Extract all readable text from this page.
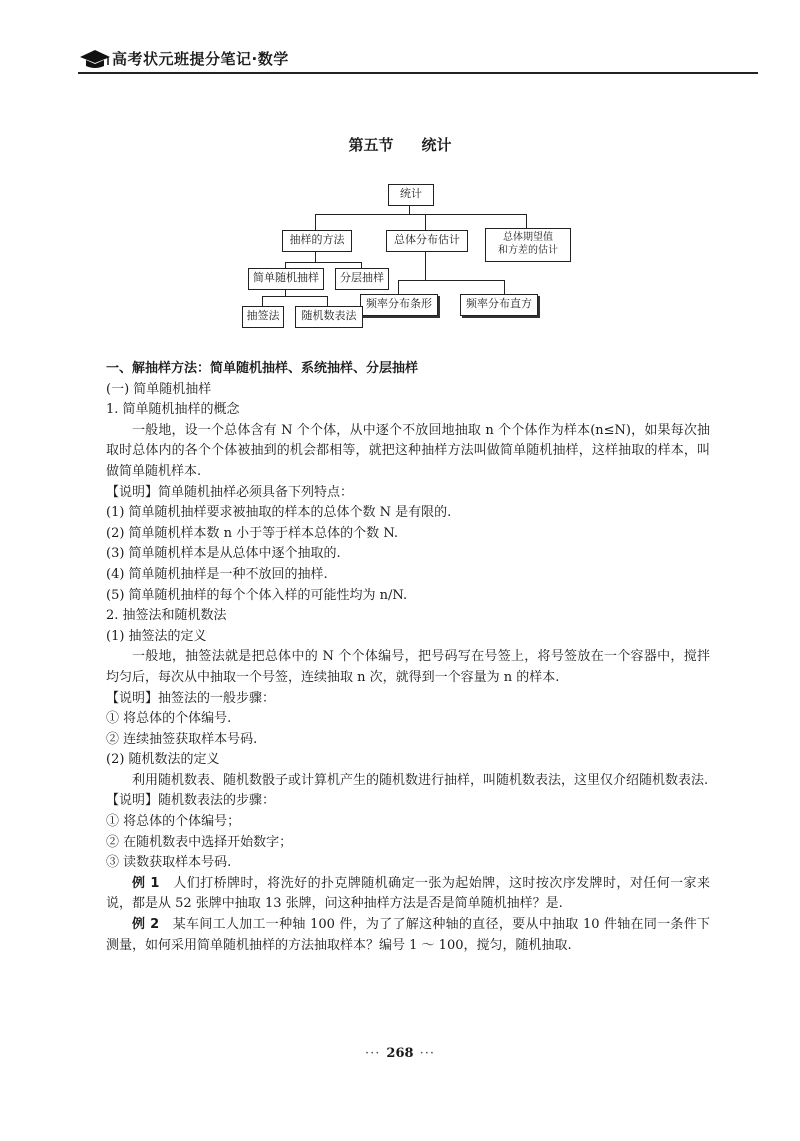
高考状元班提分笔记·数学
第五节 统计
统计
抽样的方法	总体分布估计	总体期望值
和方差的估计
简单随机抽样	分层抽样
频率分布条形	频率分布直方
抽签法	随机数表法

一、解抽样方法：简单随机抽样、系统抽样、分层抽样

(一) 简单随机抽样

1. 简单随机抽样的概念

一般地，设一个总体含有 N 个个体，从中逐个不放回地抽取 n 个个体作为样本(n≤N)，如果每次抽取时总体内的各个个体被抽到的机会都相等，就把这种抽样方法叫做简单随机抽样，这样抽取的样本，叫做简单随机样本.

【说明】简单随机抽样必须具备下列特点：

(1) 简单随机抽样要求被抽取的样本的总体个数 N 是有限的.

(2) 简单随机样本数 n 小于等于样本总体的个数 N.

(3) 简单随机样本是从总体中逐个抽取的.

(4) 简单随机抽样是一种不放回的抽样.

(5) 简单随机抽样的每个个体入样的可能性均为 n/N.

2. 抽签法和随机数法

(1) 抽签法的定义

一般地，抽签法就是把总体中的 N 个个体编号，把号码写在号签上，将号签放在一个容器中，搅拌均匀后，每次从中抽取一个号签，连续抽取 n 次，就得到一个容量为 n 的样本.

【说明】抽签法的一般步骤：

① 将总体的个体编号.

② 连续抽签获取样本号码.

(2) 随机数法的定义

利用随机数表、随机数骰子或计算机产生的随机数进行抽样，叫随机数表法，这里仅介绍随机数表法.

【说明】随机数表法的步骤：

① 将总体的个体编号；

② 在随机数表中选择开始数字；

③ 读数获取样本号码.

例 1　 人们打桥牌时，将洗好的扑克牌随机确定一张为起始牌，这时按次序发牌时，对任何一家来说，都是从 52 张牌中抽取 13 张牌，问这种抽样方法是否是简单随机抽样？是.

例 2　 某车间工人加工一种轴 100 件，为了了解这种轴的直径，要从中抽取 10 件轴在同一条件下测量，如何采用简单随机抽样的方法抽取样本？编号 1 ～ 100，搅匀，随机抽取.

··· 268 ···
